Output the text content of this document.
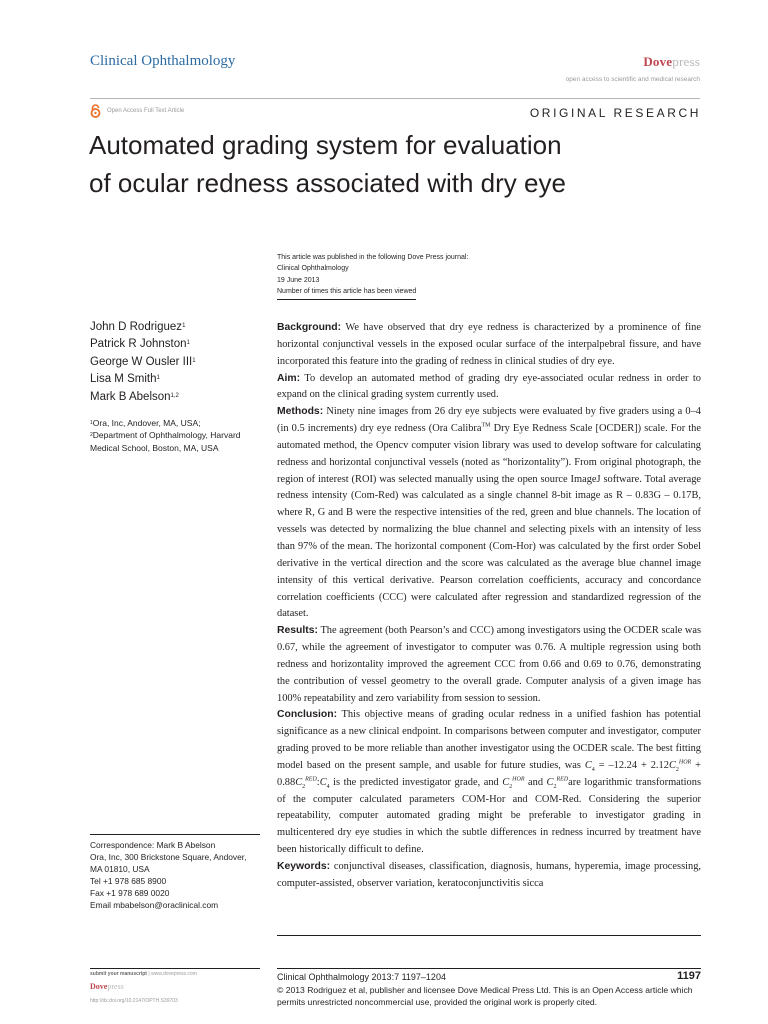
Clinical Ophthalmology	Dovepress
open access to scientific and medical research
Open Access Full Text Article	ORIGINAL RESEARCH
Automated grading system for evaluation
of ocular redness associated with dry eye
This article was published in the following Dove Press journal:
Clinical Ophthalmology
19 June 2013
Number of times this article has been viewed
John D Rodriguez$^1$
Patrick R Johnston$^1$
George W Ousler III$^1$
Lisa M Smith$^1$
Mark B Abelson$^{1,2}$
$^1$Ora, Inc, Andover, MA, USA;
$^2$Department of Ophthalmology, Harvard Medical School, Boston, MA, USA
Correspondence: Mark B Abelson
Ora, Inc, 300 Brickstone Square, Andover,
MA 01810, USA
Tel +1 978 685 8900
Fax +1 978 689 0020
Email mbabelson@oraclinical.com

Background: We have observed that dry eye redness is characterized by a prominence of fine horizontal conjunctival vessels in the exposed ocular surface of the interpalpebral fissure, and have incorporated this feature into the grading of redness in clinical studies of dry eye.

Aim: To develop an automated method of grading dry eye-associated ocular redness in order to expand on the clinical grading system currently used.

Methods: Ninety nine images from 26 dry eye subjects were evaluated by five graders using a 0–4 (in 0.5 increments) dry eye redness (Ora Calibra™ Dry Eye Redness Scale [OCDER]) scale. For the automated method, the Opencv computer vision library was used to develop software for calculating redness and horizontal conjunctival vessels (noted as “horizontality”). From original photograph, the region of interest (ROI) was selected manually using the open source ImageJ software. Total average redness intensity (Com-Red) was calculated as a single channel 8-bit image as R – 0.83G – 0.17B, where R, G and B were the respective intensities of the red, green and blue channels. The location of vessels was detected by normalizing the blue channel and selecting pixels with an intensity of less than 97% of the mean. The horizontal component (Com-Hor) was calculated by the first order Sobel derivative in the vertical direction and the score was calculated as the average blue channel image intensity of this vertical derivative. Pearson correlation coefficients, accuracy and concordance correlation coefficients (CCC) were calculated after regression and standardized regression of the dataset.

Results: The agreement (both Pearson’s and CCC) among investigators using the OCDER scale was 0.67, while the agreement of investigator to computer was 0.76. A multiple regression using both redness and horizontality improved the agreement CCC from 0.66 and 0.69 to 0.76, demonstrating the contribution of vessel geometry to the overall grade. Computer analysis of a given image has 100% repeatability and zero variability from session to session.

Conclusion: This objective means of grading ocular redness in a unified fashion has potential significance as a new clinical endpoint. In comparisons between computer and investigator, computer grading proved to be more reliable than another investigator using the OCDER scale. The best fitting model based on the present sample, and usable for future studies, was $C_4 = -12.24 + 2.12C_2^{HOR}$ + $0.88C_2^{RED}:C_4$ is the predicted investigator grade, and $C_2^{HOR}$ and $C_2^{RED}are$ logarithmic transformations of the computer calculated parameters COM-Hor and COM-Red. Considering the superior repeatability, computer automated grading might be preferable to investigator grading in multicentered dry eye studies in which the subtle differences in redness incurred by treatment have been historically difficult to define.

Keywords: conjunctival diseases, classification, diagnosis, humans, hyperemia, image processing, computer-assisted, observer variation, keratoconjunctivitis sicca

submit your manuscript | www.dovepress.com
Dovepress
http://dx.doi.org/10.2147/OPTH.S39703
Clinical Ophthalmology 2013:7 1197–1204	1197
© 2013 Rodriguez et al, publisher and licensee Dove Medical Press Ltd. This is an Open Access article which permits unrestricted noncommercial use, provided the original work is properly cited.
